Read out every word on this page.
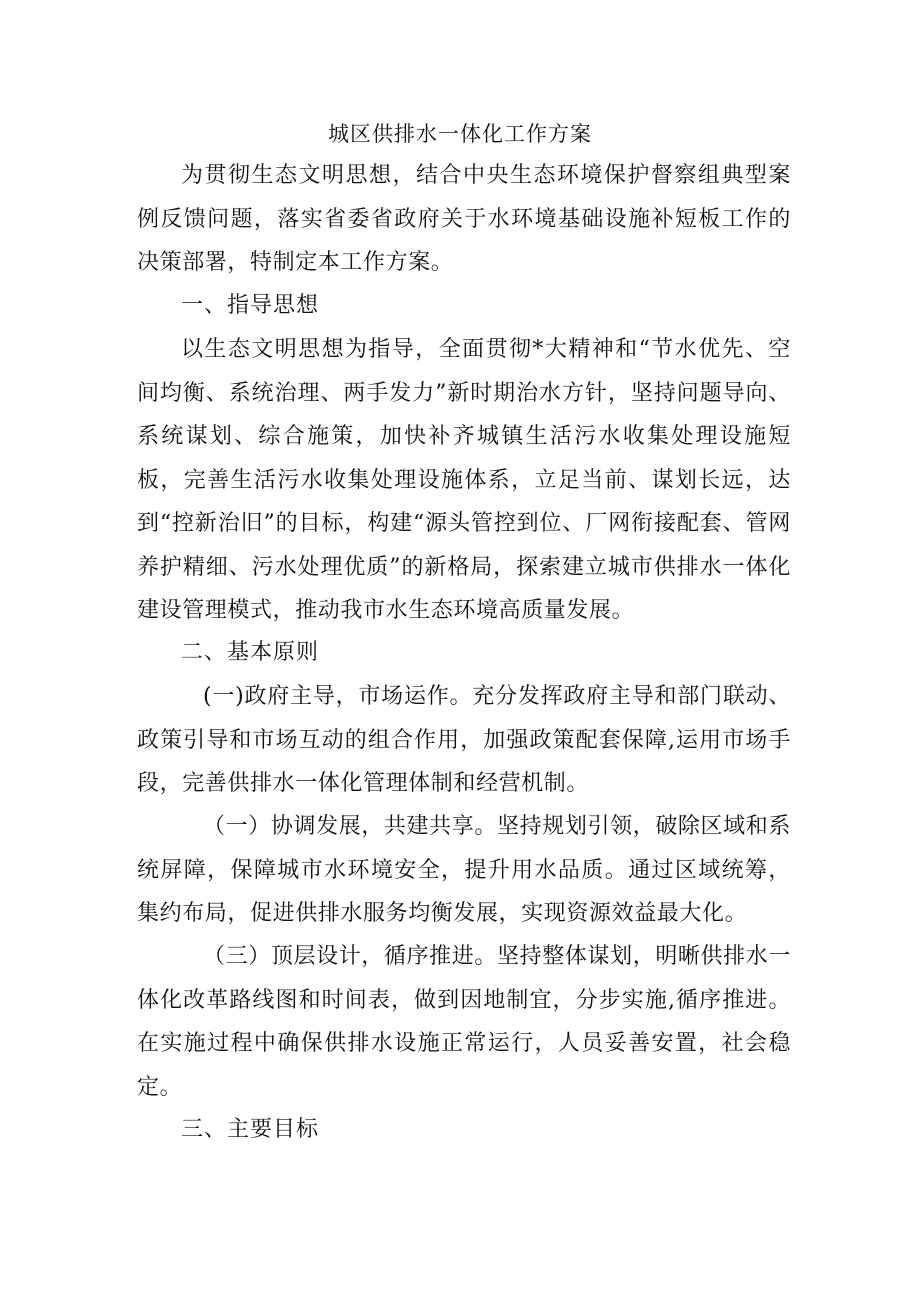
城区供排水一体化工作方案
为贯彻生态文明思想，结合中央生态环境保护督察组典型案例反馈问题，落实省委省政府关于水环境基础设施补短板工作的决策部署，特制定本工作方案。
一、指导思想
以生态文明思想为指导，全面贯彻*大精神和“节水优先、空间均衡、系统治理、两手发力”新时期治水方针，坚持问题导向、系统谋划、综合施策，加快补齐城镇生活污水收集处理设施短板，完善生活污水收集处理设施体系，立足当前、谋划长远，达到“控新治旧”的目标，构建“源头管控到位、厂网衔接配套、管网养护精细、污水处理优质”的新格局，探索建立城市供排水一体化建设管理模式，推动我市水生态环境高质量发展。
二、基本原则
(一)政府主导，市场运作。充分发挥政府主导和部门联动、政策引导和市场互动的组合作用，加强政策配套保障,运用市场手段，完善供排水一体化管理体制和经营机制。
（一）协调发展，共建共享。坚持规划引领，破除区域和系统屏障，保障城市水环境安全，提升用水品质。通过区域统筹，集约布局，促进供排水服务均衡发展，实现资源效益最大化。
（三）顶层设计，循序推进。坚持整体谋划，明晰供排水一体化改革路线图和时间表，做到因地制宜，分步实施,循序推进。在实施过程中确保供排水设施正常运行，人员妥善安置，社会稳定。
三、主要目标
